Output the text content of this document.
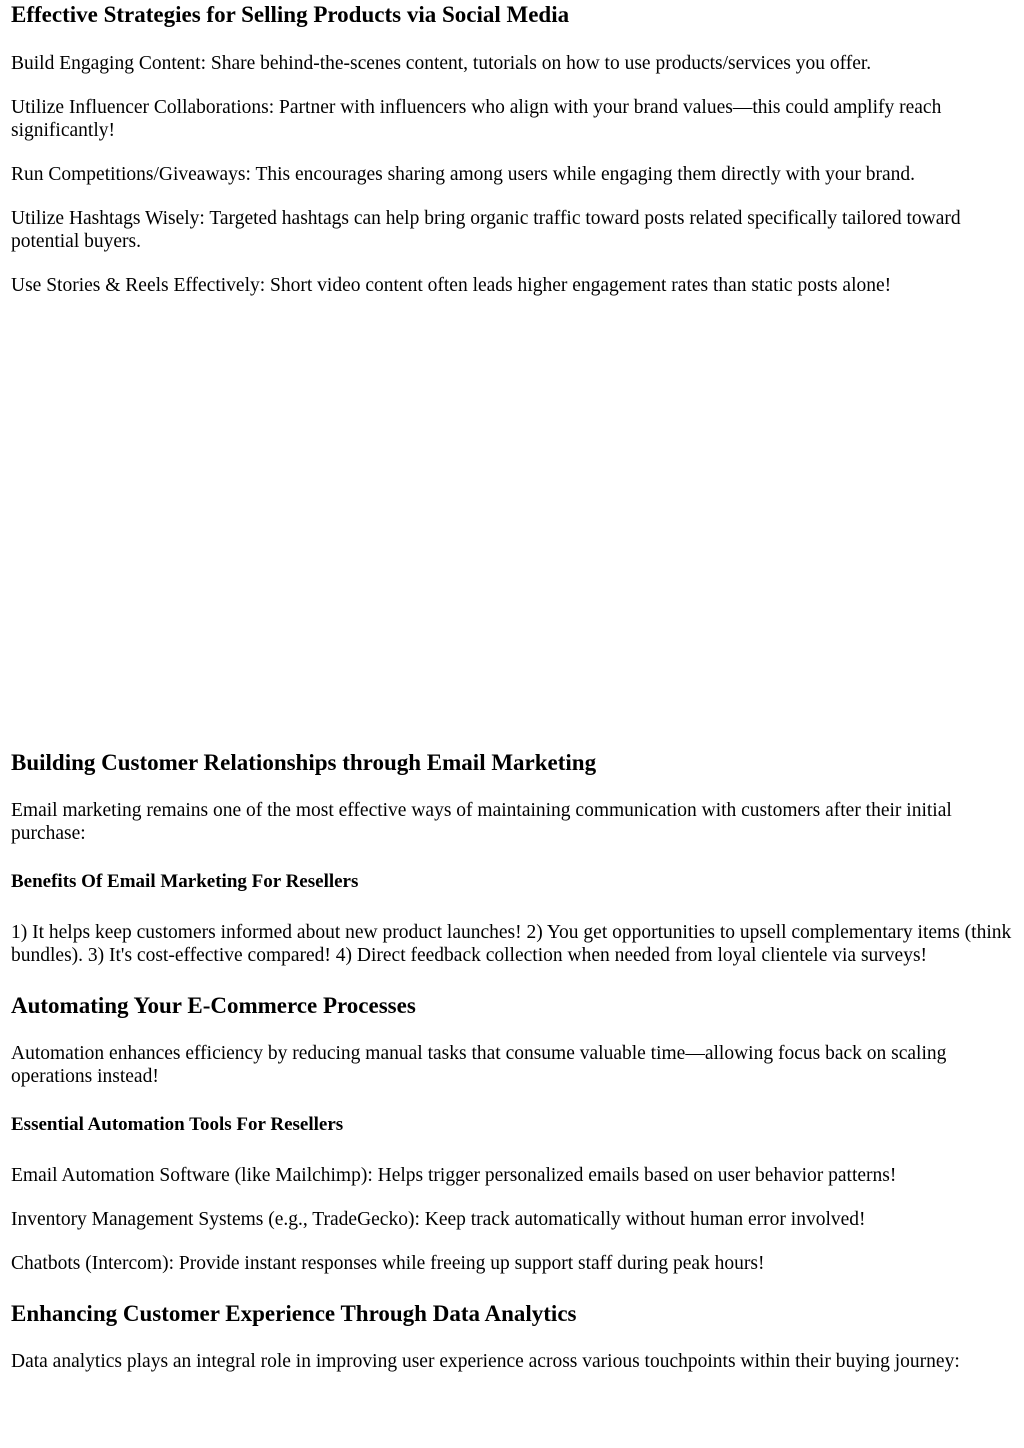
Effective Strategies for Selling Products via Social Media

Build Engaging Content: Share behind-the-scenes content, tutorials on how to use products/services you offer.

Utilize Influencer Collaborations: Partner with influencers who align with your brand values—this could amplify reach significantly!

Run Competitions/Giveaways: This encourages sharing among users while engaging them directly with your brand.

Utilize Hashtags Wisely: Targeted hashtags can help bring organic traffic toward posts related specifically tailored toward potential buyers.

Use Stories & Reels Effectively: Short video content often leads higher engagement rates than static posts alone!

Building Customer Relationships through Email Marketing

Email marketing remains one of the most effective ways of maintaining communication with customers after their initial purchase:

Benefits Of Email Marketing For Resellers

1) It helps keep customers informed about new product launches! 2) You get opportunities to upsell complementary items (think bundles). 3) It's cost-effective compared! 4) Direct feedback collection when needed from loyal clientele via surveys!

Automating Your E-Commerce Processes

Automation enhances efficiency by reducing manual tasks that consume valuable time—allowing focus back on scaling operations instead!

Essential Automation Tools For Resellers

Email Automation Software (like Mailchimp): Helps trigger personalized emails based on user behavior patterns!

Inventory Management Systems (e.g., TradeGecko): Keep track automatically without human error involved!

Chatbots (Intercom): Provide instant responses while freeing up support staff during peak hours!

Enhancing Customer Experience Through Data Analytics

Data analytics plays an integral role in improving user experience across various touchpoints within their buying journey:
